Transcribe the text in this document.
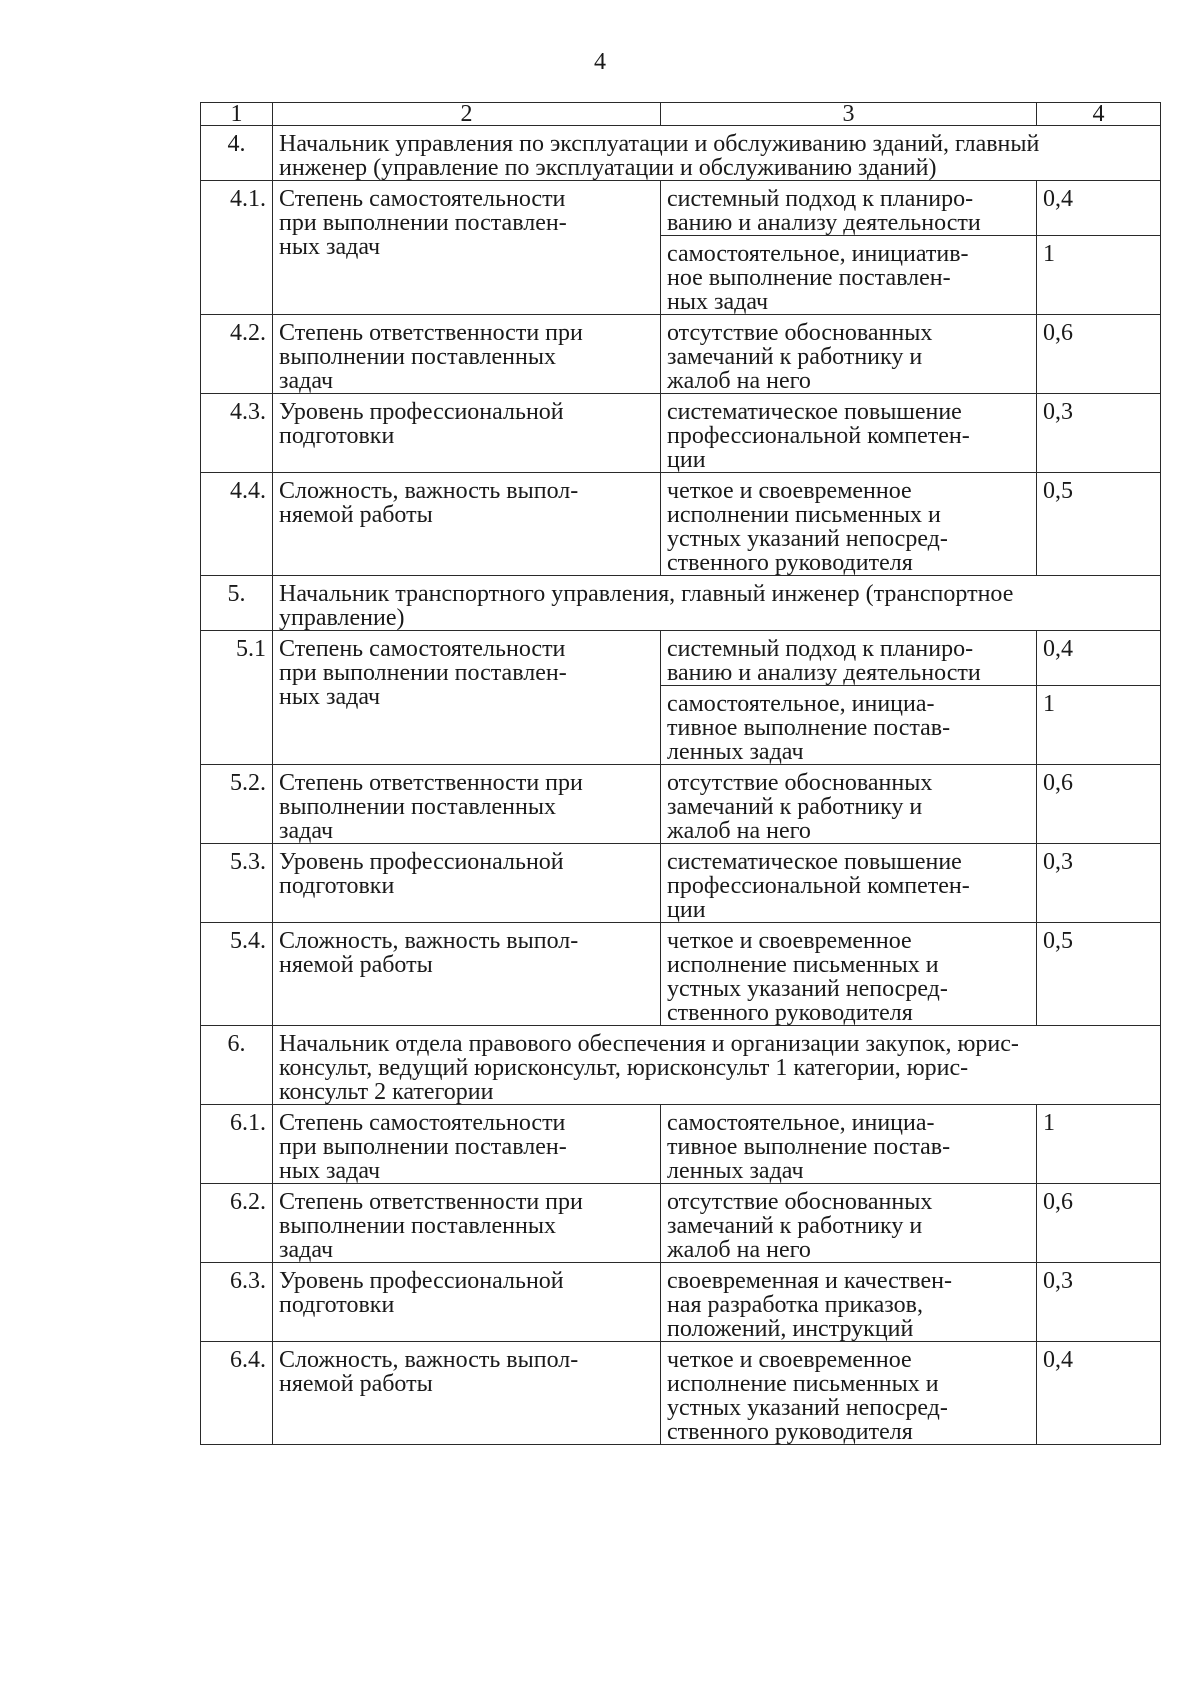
4
1	2	3	4
4.	Начальник управления по эксплуатации и обслуживанию зданий, главный
инженер (управление по эксплуатации и обслуживанию зданий)		
4.1.	Степень самостоятельности
при выполнении поставлен-
ных задач	системный подход к планиро-
ванию и анализу деятельности	0,4
		самостоятельное, инициатив-
ное выполнение поставлен-
ных задач	1
4.2.	Степень ответственности при
выполнении поставленных
задач	отсутствие обоснованных
замечаний к работнику и
жалоб на него	0,6
4.3.	Уровень профессиональной
подготовки	систематическое повышение
профессиональной компетен-
ции	0,3
4.4.	Сложность, важность выпол-
няемой работы	четкое и своевременное
исполнении письменных и
устных указаний непосред-
ственного руководителя	0,5
5.	Начальник транспортного управления, главный инженер (транспортное
управление)		
5.1	Степень самостоятельности
при выполнении поставлен-
ных задач	системный подход к планиро-
ванию и анализу деятельности	0,4
		самостоятельное, инициа-
тивное выполнение постав-
ленных задач	1
5.2.	Степень ответственности при
выполнении поставленных
задач	отсутствие обоснованных
замечаний к работнику и
жалоб на него	0,6
5.3.	Уровень профессиональной
подготовки	систематическое повышение
профессиональной компетен-
ции	0,3
5.4.	Сложность, важность выпол-
няемой работы	четкое и своевременное
исполнение письменных и
устных указаний непосред-
ственного руководителя	0,5
6.	Начальник отдела правового обеспечения и организации закупок, юрис-
консульт, ведущий юрисконсульт, юрисконсульт 1 категории, юрис-
консульт 2 категории		
6.1.	Степень самостоятельности
при выполнении поставлен-
ных задач	самостоятельное, инициа-
тивное выполнение постав-
ленных задач	1
6.2.	Степень ответственности при
выполнении поставленных
задач	отсутствие обоснованных
замечаний к работнику и
жалоб на него	0,6
6.3.	Уровень профессиональной
подготовки	своевременная и качествен-
ная разработка приказов,
положений, инструкций	0,3
6.4.	Сложность, важность выпол-
няемой работы	четкое и своевременное
исполнение письменных и
устных указаний непосред-
ственного руководителя	0,4
